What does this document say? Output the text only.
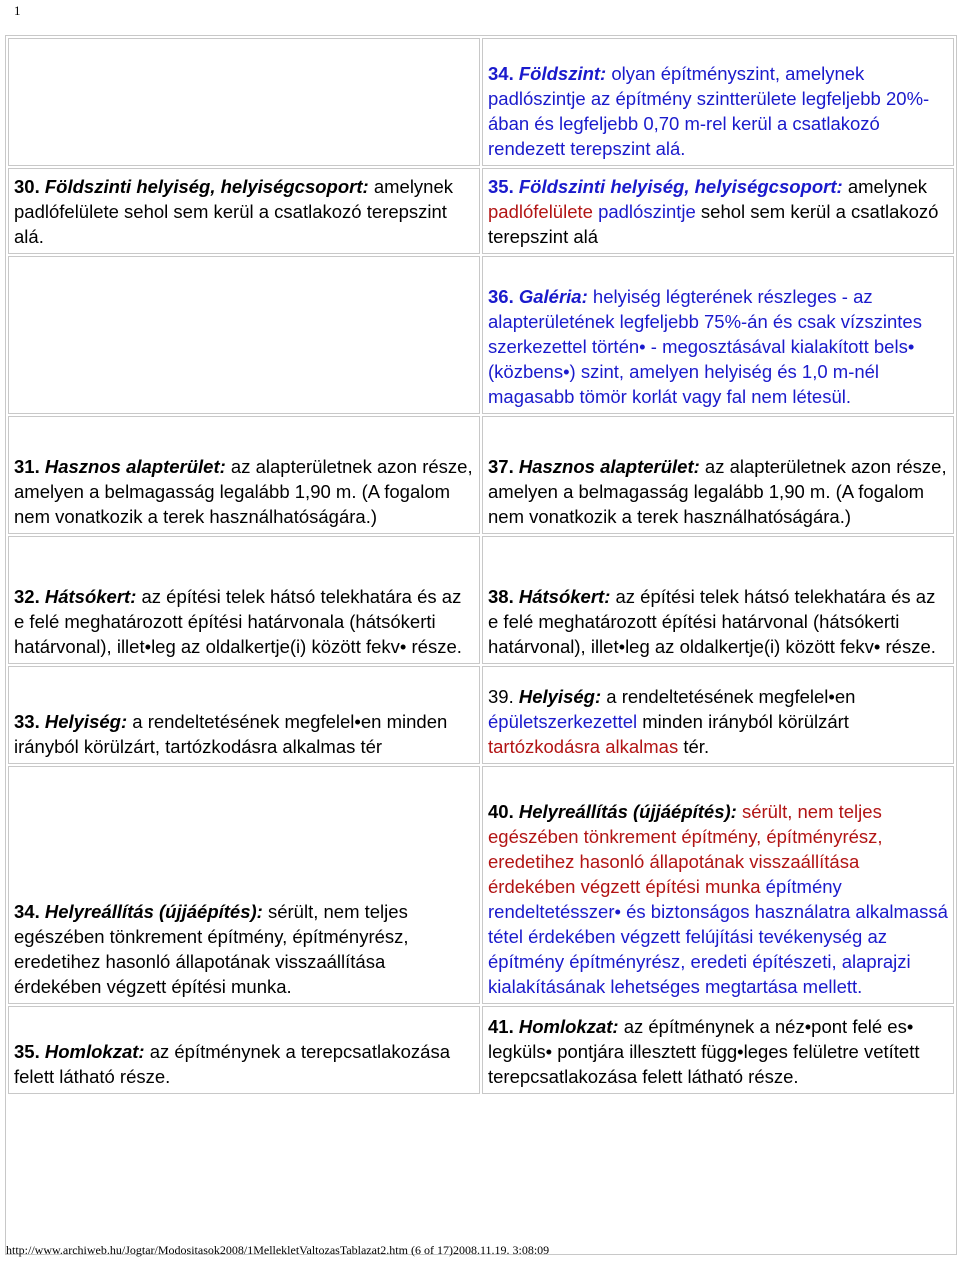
1
	34. Földszint: olyan építményszint, amelynek padlószintje az építmény szintterülete legfeljebb 20%-ában és legfeljebb 0,70 m-rel kerül a csatlakozó rendezett terepszint alá.
30. Földszinti helyiség, helyiségcsoport: amelynek padlófelülete sehol sem kerül a csatlakozó terepszint alá.	35. Földszinti helyiség, helyiségcsoport: amelynek padlófelülete padlószintje sehol sem kerül a csatlakozó terepszint alá
	36. Galéria: helyiség légterének részleges - az alapterületének legfeljebb 75%-án és csak vízszintes szerkezettel történ• - megosztásával kialakított bels• (közbens•) szint, amelyen helyiség és 1,0 m-nél magasabb tömör korlát vagy fal nem létesül.
31. Hasznos alapterület: az alapterületnek azon része, amelyen a belmagasság legalább 1,90 m. (A fogalom nem vonatkozik a terek használhatóságára.)	37. Hasznos alapterület: az alapterületnek azon része, amelyen a belmagasság legalább 1,90 m. (A fogalom nem vonatkozik a terek használhatóságára.)
32. Hátsókert: az építési telek hátsó telekhatára és az e felé meghatározott építési határvonala (hátsókerti határvonal), illet•leg az oldalkertje(i) között fekv• része.	38. Hátsókert: az építési telek hátsó telekhatára és az e felé meghatározott építési határvonal (hátsókerti határvonal), illet•leg az oldalkertje(i) között fekv• része.
33. Helyiség: a rendeltetésének megfelel•en minden irányból körülzárt, tartózkodásra alkalmas tér	39. Helyiség: a rendeltetésének megfelel•en épületszerkezettel minden irányból körülzárt tartózkodásra alkalmas tér.
34. Helyreállítás (újjáépítés): sérült, nem teljes egészében tönkrement építmény, építményrész, eredetihez hasonló állapotának visszaállítása érdekében végzett építési munka.	40. Helyreállítás (újjáépítés): sérült, nem teljes egészében tönkrement építmény, építményrész, eredetihez hasonló állapotának visszaállítása érdekében végzett építési munka építmény rendeltetésszer• és biztonságos használatra alkalmassá tétel érdekében végzett felújítási tevékenység az építmény építményrész, eredeti építészeti, alaprajzi kialakításának lehetséges megtartása mellett.
35. Homlokzat: az építménynek a terepcsatlakozása felett látható része.	41. Homlokzat: az építménynek a néz•pont felé es• legküls• pontjára illesztett függ•leges felületre vetített terepcsatlakozása felett látható része.

http://www.archiweb.hu/Jogtar/Modositasok2008/1MellekletValtozasTablazat2.htm (6 of 17)2008.11.19. 3:08:09
